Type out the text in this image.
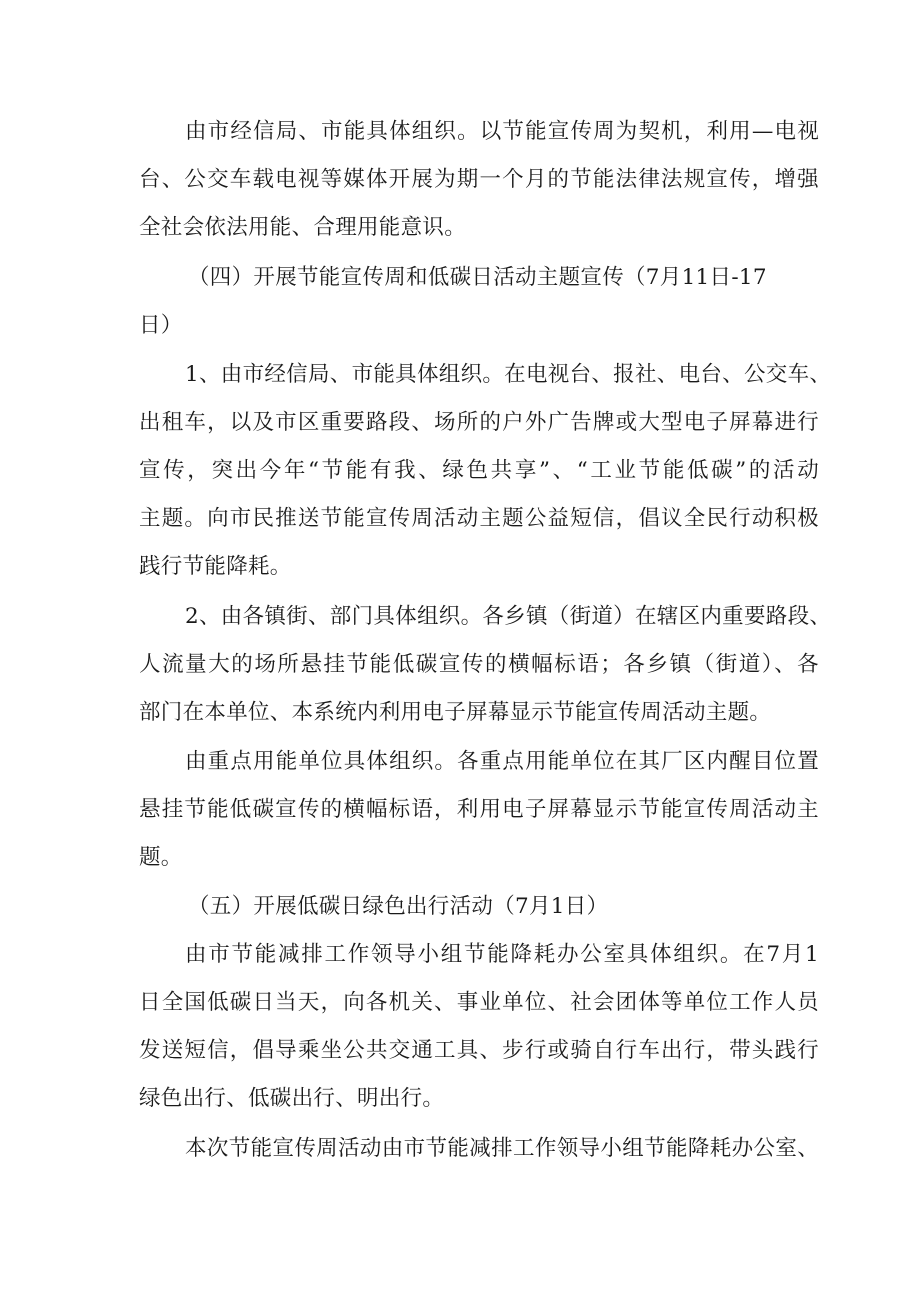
由市经信局、市能具体组织。以节能宣传周为契机，利用—电视
台、公交车载电视等媒体开展为期一个月的节能法律法规宣传，增强
全社会依法用能、合理用能意识。
（四）开展节能宣传周和低碳日活动主题宣传（7月11日-17
日）
1、由市经信局、市能具体组织。在电视台、报社、电台、公交车、
出租车，以及市区重要路段、场所的户外广告牌或大型电子屏幕进行
宣传，突出今年“节能有我、绿色共享”、“工业节能低碳”的活动
主题。向市民推送节能宣传周活动主题公益短信，倡议全民行动积极
践行节能降耗。
2、由各镇街、部门具体组织。各乡镇（街道）在辖区内重要路段、
人流量大的场所悬挂节能低碳宣传的横幅标语；各乡镇（街道）、各
部门在本单位、本系统内利用电子屏幕显示节能宣传周活动主题。
由重点用能单位具体组织。各重点用能单位在其厂区内醒目位置
悬挂节能低碳宣传的横幅标语，利用电子屏幕显示节能宣传周活动主
题。
（五）开展低碳日绿色出行活动（7月1日）
由市节能减排工作领导小组节能降耗办公室具体组织。在7月1
日全国低碳日当天，向各机关、事业单位、社会团体等单位工作人员
发送短信，倡导乘坐公共交通工具、步行或骑自行车出行，带头践行
绿色出行、低碳出行、明出行。
本次节能宣传周活动由市节能减排工作领导小组节能降耗办公室、
